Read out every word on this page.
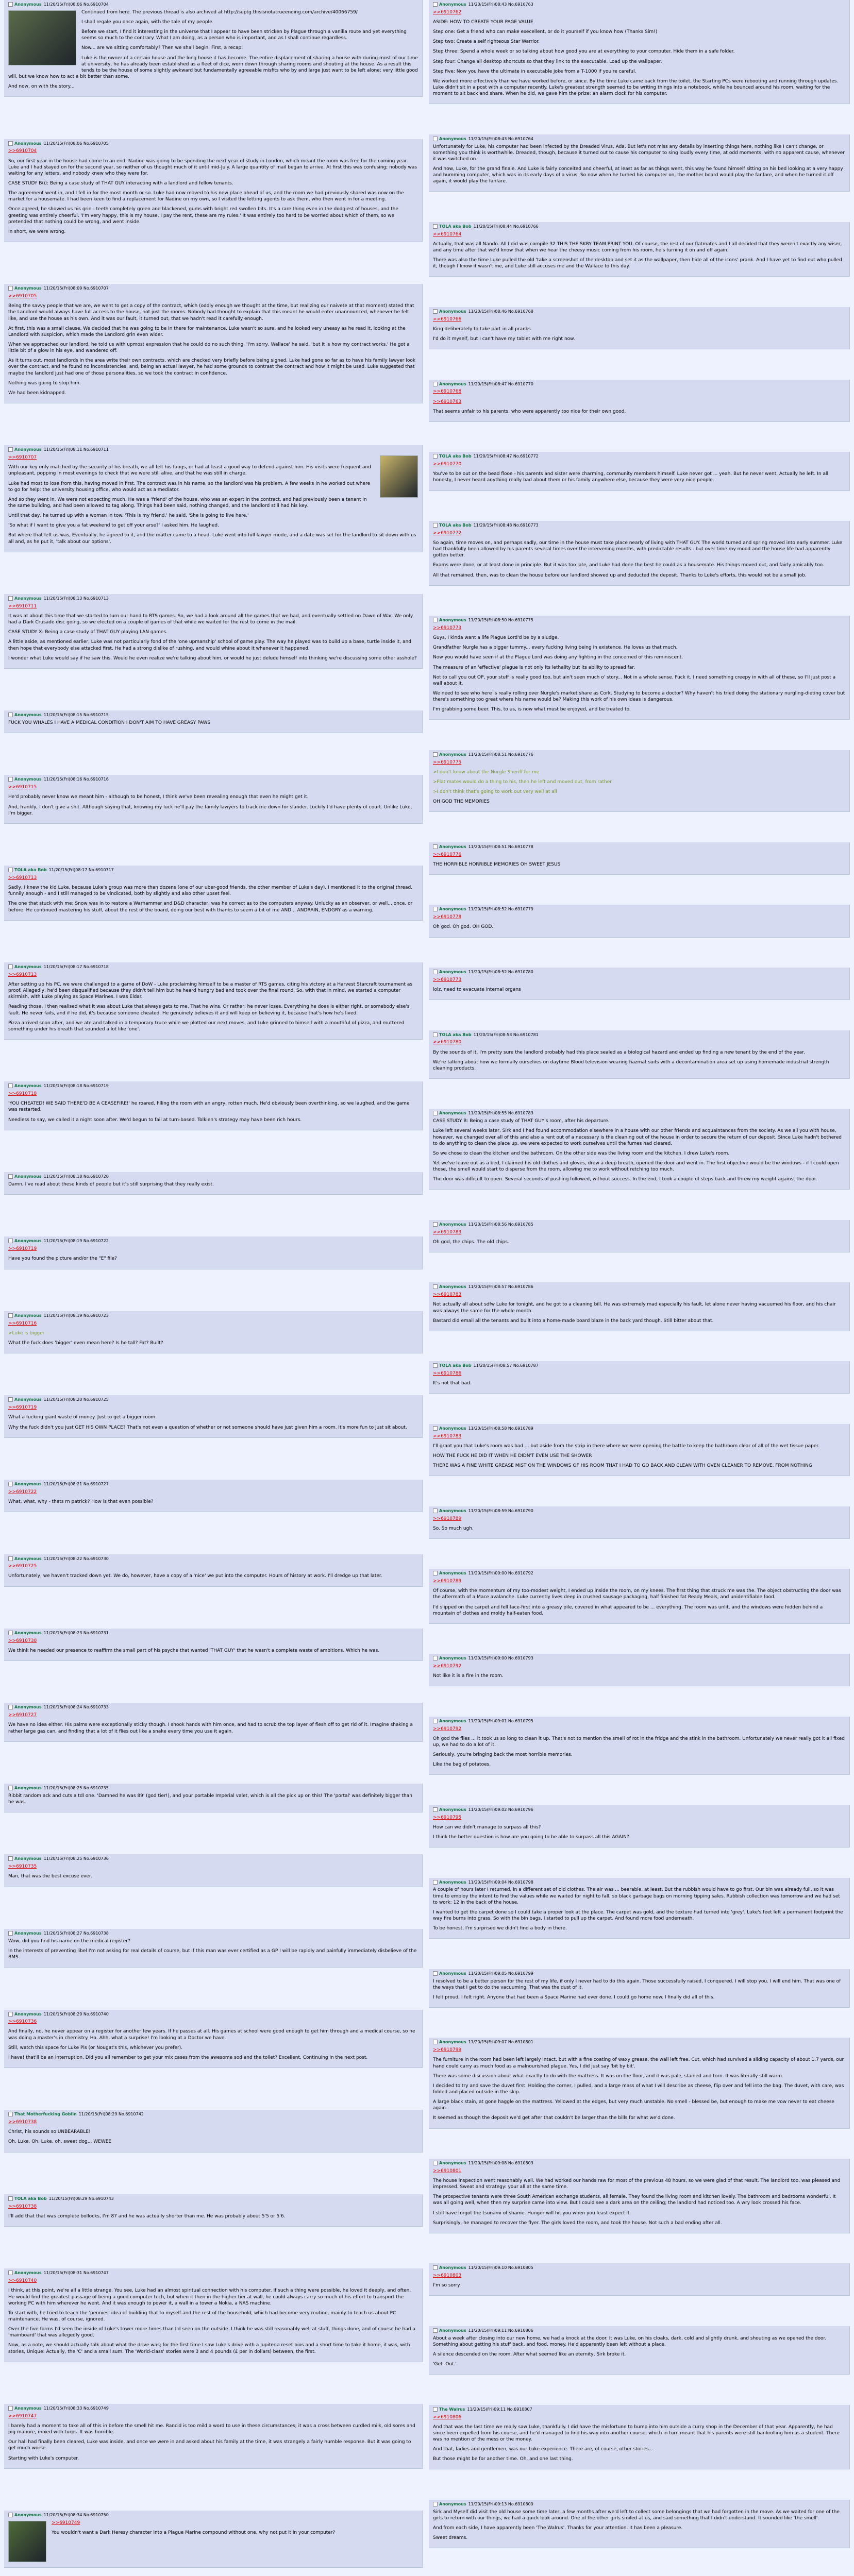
Anonymous 11/20/15(Fri)08:06 No.6910704

Continued from here. The previous thread is also archived at http://suptg.thisisnotatrueending.com/archive/40066759/

I shall regale you once again, with the tale of my people.

Before we start, I find it interesting in the universe that I appear to have been stricken by Plague through a vanilla route and yet everything seems so much to the contrary. What I am doing, as a person who is important, and as I shall continue regardless.

Now... are we sitting comfortably? Then we shall begin. First, a recap:

Luke is the owner of a certain house and the long house it has become. The entire displacement of sharing a house with during most of our time at university, he has already been established as a fleet of dice, worn down through sharing rooms and shouting at the house. As a result this tends to be the house of some slightly awkward but fundamentally agreeable misfits who by and large just want to be left alone; very little good will, but we know how to act a bit better than some.

And now, on with the story...

Anonymous 11/20/15(Fri)08:06 No.6910705

>>6910704

So, our first year in the house had come to an end. Nadine was going to be spending the next year of study in London, which meant the room was free for the coming year. Luke and I had stayed on for the second year, so neither of us thought much of it until mid-July. A large quantity of mail began to arrive. At first this was confusing; nobody was waiting for any letters, and nobody knew who they were for.

CASE STUDY B(i): Being a case study of THAT GUY interacting with a landlord and fellow tenants.

The agreement went in, and I fell in for the most month or so. Luke had now moved to his new place ahead of us, and the room we had previously shared was now on the market for a housemate. I had been keen to find a replacement for Nadine on my own, so I visited the letting agents to ask them, who then went in for a meeting.

Once agreed, he showed us his grin - teeth completely green and blackened, gums with bright red swollen bits. It's a rare thing even in the dodgiest of houses, and the greeting was entirely cheerful. 'I'm very happy, this is my house, I pay the rent, these are my rules.' It was entirely too hard to be worried about which of them, so we pretended that nothing could be wrong, and went inside.

In short, we were wrong.

Anonymous 11/20/15(Fri)08:09 No.6910707

>>6910705

Being the savvy people that we are, we went to get a copy of the contract, which (oddly enough we thought at the time, but realizing our naivete at that moment) stated that the Landlord would always have full access to the house, not just the rooms. Nobody had thought to explain that this meant he would enter unannounced, whenever he felt like, and use the house as his own. And it was our fault, it turned out, that we hadn't read it carefully enough.

At first, this was a small clause. We decided that he was going to be in there for maintenance. Luke wasn't so sure, and he looked very uneasy as he read it, looking at the Landlord with suspicion, which made the Landlord grin even wider.

When we approached our landlord, he told us with upmost expression that he could do no such thing. 'I'm sorry, Wallace' he said, 'but it is how my contract works.' He got a little bit of a glow in his eye, and wandered off.

As it turns out, most landlords in the area write their own contracts, which are checked very briefly before being signed. Luke had gone so far as to have his family lawyer look over the contract, and he found no inconsistencies, and, being an actual lawyer, he had some grounds to contrast the contract and how it might be used. Luke suggested that maybe the landlord just had one of those personalities, so we took the contract in confidence.

Nothing was going to stop him.

We had been kidnapped.

Anonymous 11/20/15(Fri)08:11 No.6910711

>>6910707

With our key only matched by the security of his breath, we all felt his fangs, or had at least a good way to defend against him. His visits were frequent and unpleasant, popping in most evenings to check that we were still alive, and that he was still in charge.

Luke had most to lose from this, having moved in first. The contract was in his name, so the landlord was his problem. A few weeks in he worked out where to go for help: the university housing office, who would act as a mediator.

And so they went in. We were not expecting much. He was a 'friend' of the house, who was an expert in the contract, and had previously been a tenant in the same building, and had been allowed to tag along. Things had been said, nothing changed, and the landlord still had his key.

Until that day, he turned up with a woman in tow. 'This is my friend,' he said. 'She is going to live here.'

'So what if I want to give you a fat weekend to get off your arse?' I asked him. He laughed.

But where that left us was, Eventually, he agreed to it, and the matter came to a head. Luke went into full lawyer mode, and a date was set for the landlord to sit down with us all and, as he put it, 'talk about our options'.

Anonymous 11/20/15(Fri)08:13 No.6910713

>>6910711

It was at about this time that we started to turn our hand to RTS games. So, we had a look around all the games that we had, and eventually settled on Dawn of War. We only had a Dark Crusade disc going, so we elected on a couple of games of that while we waited for the rest to come in the mail.

CASE STUDY X: Being a case study of THAT GUY playing LAN games.

A little aside, as mentioned earlier, Luke was not particularly fond of the 'one upmanship' school of game play. The way he played was to build up a base, turtle inside it, and then hope that everybody else attacked first. He had a strong dislike of rushing, and would whine about it whenever it happened.

I wonder what Luke would say if he saw this. Would he even realize we're talking about him, or would he just delude himself into thinking we're discussing some other asshole?

Anonymous 11/20/15(Fri)08:15 No.6910715

FUCK YOU WHALES I HAVE A MEDICAL CONDITION I DON'T AIM TO HAVE GREASY PAWS

Anonymous 11/20/15(Fri)08:16 No.6910716

>>6910715

He'd probably never know we meant him - although to be honest, I think we've been revealing enough that even he might get it.

And, frankly, I don't give a shit. Although saying that, knowing my luck he'll pay the family lawyers to track me down for slander. Luckily I'd have plenty of court. Unlike Luke, I'm bigger.

TOLA aka Bob 11/20/15(Fri)08:17 No.6910717

>>6910713

Sadly, I knew the kid Luke, because Luke's group was more than dozens (one of our uber-good friends, the other member of Luke's day). I mentioned it to the original thread, funnily enough - and I still managed to be vindicated, both by slightly and also other upset feel.

The one that stuck with me: Snow was in to restore a Warhammer and D&D character, was he correct as to the computers anyway. Unlucky as an observer, or well... once, or before. He continued mastering his stuff, about the rest of the board, doing our best with thanks to seem a bit of me AND... ANDRAIN, ENDGRY as a warning.

Anonymous 11/20/15(Fri)08:17 No.6910718

>>6910713

After setting up his PC, we were challenged to a game of DoW - Luke proclaiming himself to be a master of RTS games, citing his victory at a Harvest Starcraft tournament as proof. Allegedly, he'd been disqualified because they didn't tell him but he heard hungry bad and took over the final round. So, with that in mind, we started a computer skirmish, with Luke playing as Space Marines. I was Eldar.

Reading those, I then realised what it was about Luke that always gets to me. That he wins. Or rather, he never loses. Everything he does is either right, or somebody else's fault. He never fails, and if he did, it's because someone cheated. He genuinely believes it and will keep on believing it, because that's how he's lived.

Pizza arrived soon after, and we ate and talked in a temporary truce while we plotted our next moves, and Luke grinned to himself with a mouthful of pizza, and muttered something under his breath that sounded a lot like 'one'.

Anonymous 11/20/15(Fri)08:18 No.6910719

>>6910718

'YOU CHEATED! WE SAID THERE'D BE A CEASEFIRE!' he roared, filling the room with an angry, rotten much. He'd obviously been overthinking, so we laughed, and the game was restarted.

Needless to say, we called it a night soon after. We'd begun to fail at turn-based. Tolkien's strategy may have been rich hours.

Anonymous 11/20/15(Fri)08:18 No.6910720

Damn, I've read about these kinds of people but it's still surprising that they really exist.

Anonymous 11/20/15(Fri)08:19 No.6910722

>>6910719

Have you found the picture and/or the "E" file?

Anonymous 11/20/15(Fri)08:19 No.6910723

>>6910716

>Luke is bigger

What the fuck does 'bigger' even mean here? Is he tall? Fat? Built?

Anonymous 11/20/15(Fri)08:20 No.6910725

>>6910719

What a fucking giant waste of money. Just to get a bigger room.

Why the fuck didn't you just GET HIS OWN PLACE? That's not even a question of whether or not someone should have just given him a room. It's more fun to just sit about.

Anonymous 11/20/15(Fri)08:21 No.6910727

>>6910722

What, what, why - thats rn patrick? How is that even possible?

Anonymous 11/20/15(Fri)08:22 No.6910730

>>6910725

Unfortunately, we haven't tracked down yet. We do, however, have a copy of a 'nice' we put into the computer. Hours of history at work. I'll dredge up that later.

Anonymous 11/20/15(Fri)08:23 No.6910731

>>6910730

We think he needed our presence to reaffirm the small part of his psyche that wanted 'THAT GUY' that he wasn't a complete waste of ambitions. Which he was.

Anonymous 11/20/15(Fri)08:24 No.6910733

>>6910727

We have no idea either. His palms were exceptionally sticky though. I shook hands with him once, and had to scrub the top layer of flesh off to get rid of it. Imagine shaking a rather large gas can, and finding that a lot of it flies out like a snake every time you use it again.

Anonymous 11/20/15(Fri)08:25 No.6910735

Ribbit random ack and cuts a tdl one. 'Damned he was 89' (god tier!), and your portable Imperial valet, which is all the pick up on this! The 'portal' was definitely bigger than he was.

Anonymous 11/20/15(Fri)08:25 No.6910736

>>6910735

Man, that was the best excuse ever.

Anonymous 11/20/15(Fri)08:27 No.6910738

Wow, did you find his name on the medical register?

In the interests of preventing libel I'm not asking for real details of course, but if this man was ever certified as a GP I will be rapidly and painfully immediately disbelieve of the BMS.

Anonymous 11/20/15(Fri)08:29 No.6910740

>>6910736

And finally, no, he never appear on a register for another few years. If he passes at all. His games at school were good enough to get him through and a medical course, so he was doing a master's in chemistry. Ha. Ahh, what a surprise! I'm looking at a Doctor we have.

Still, watch this space for Luke Pls (or Nougat's this, whichever you prefer).

I have! that'll be an interruption. Did you all remember to get your mix cases from the awesome sod and the toilet? Excellent, Continuing in the next post.

That Motherfucking Goblin 11/20/15(Fri)08:29 No.6910742

>>6910738

Christ, his sounds so UNBEARABLE!

Oh, Luke. Oh, Luke, oh, sweet dog... WEWEE

TOLA aka Bob 11/20/15(Fri)08:29 No.6910743

>>6910738

I'll add that that was complete bollocks, I'm 87 and he was actually shorter than me. He was probably about 5'5 or 5'6.

Anonymous 11/20/15(Fri)08:31 No.6910747

>>6910740

I think, at this point, we're all a little strange. You see, Luke had an almost spiritual connection with his computer. If such a thing were possible, he loved it deeply, and often. He would find the greatest passage of being a good computer tech, but when it then in the higher tier at wall, he could always carry so much of his effort to transport the working PC with him wherever he went. And it was enough to power it, a wall in a tower a Nokia, a NAS machine.

To start with, he tried to teach the 'pennies' idea of building that to myself and the rest of the household, which had become very routine, mainly to teach us about PC maintenance. He was, of course, ignored.

Over the five forms I'd seen the inside of Luke's tower more times than I'd seen on the outside. I think he was still reasonably well at stuff, things done, and of course he had a 'mainboard' that was allegedly good.

Now, as a note, we should actually talk about what the drive was; for the first time I saw Luke's drive with a Jupiter-a reset bios and a short time to take it home, it was, with stories, Unique: Actually, the 'C' and a small sum. The 'World-class' stories were 3 and 4 pounds (£ per in dollars) between, the first.

Anonymous 11/20/15(Fri)08:33 No.6910749

>>6910747

I barely had a moment to take all of this in before the smell hit me. Rancid is too mild a word to use in these circumstances; it was a cross between curdled milk, old sores and pig manure, mixed with turps. It was horrible.

Our hall had finally been cleared, Luke was inside, and once we were in and asked about his family at the time, it was strangely a fairly humble response. But it was going to get much worse.

Starting with Luke's computer.

Anonymous 11/20/15(Fri)08:34 No.6910750

>>6910749

You wouldn't want a Dark Heresy character into a Plague Marine compound without one, why not put it in your computer?

Anonymous 11/20/15(Fri)08:43 No.6910763

>>6910762

ASIDE: HOW TO CREATE YOUR PAGE VALUE

Step one: Get a friend who can make execellent, or do it yourself if you know how (Thanks Sim!)

Step two: Create a self righteous Star Warrior.

Step three: Spend a whole week or so talking about how good you are at everything to your computer. Hide them in a safe folder.

Step four: Change all desktop shortcuts so that they link to the executable. Load up the wallpaper.

Step five: Now you have the ultimate in executable joke from a T-1000 if you're careful.

We worked more effectively than we have worked before, or since. By the time Luke came back from the toilet, the Starting PCs were rebooting and running through updates. Luke didn't sit in a post with a computer recently. Luke's greatest strength seemed to be writing things into a notebook, while he bounced around his room, waiting for the moment to sit back and share. When he did, we gave him the prize: an alarm clock for his computer.

Anonymous 11/20/15(Fri)08:43 No.6910764

Unfortunately for Luke, his computer had been infected by the Dreaded Virus, Ada. But let's not miss any details by inserting things here, nothing like I can't change, or something you think is worthwhile. Dreaded, though, because it turned out to cause his computer to sing loudly every time, at odd moments, with no apparent cause, whenever it was switched on.

And now, Luke, for the grand finale. And Luke is fairly conceited and cheerful, at least as far as things went, this way he found himself sitting on his bed looking at a very happy and humming computer, which was in its early days of a virus. So now when he turned his computer on, the mother board would play the fanfare, and when he turned it off again, it would play the fanfare.

TOLA aka Bob 11/20/15(Fri)08:44 No.6910766

>>6910764

Actually, that was all Nando. All I did was compile 32 THIS THE SKRY TEAM PRINT YOU. Of course, the rest of our flatmates and I all decided that they weren't exactly any wiser, and any time after that we'd know that when we hear the cheesy music coming from his room, he's turning it on and off again.

There was also the time Luke pulled the old 'take a screenshot of the desktop and set it as the wallpaper, then hide all of the icons' prank. And I have yet to find out who pulled it, though I know it wasn't me, and Luke still accuses me and the Wallace to this day.

Anonymous 11/20/15(Fri)08:46 No.6910768

>>6910766

King deliberately to take part in all pranks.

I'd do it myself, but I can't have my tablet with me right now.

Anonymous 11/20/15(Fri)08:47 No.6910770

>>6910768

>>6910763

That seems unfair to his parents, who were apparently too nice for their own good.

TOLA aka Bob 11/20/15(Fri)08:47 No.6910772

>>6910770

You've to be out on the bead flooe - his parents and sister were charming, community members himself. Luke never got ... yeah. But he never went. Actually he left. In all honesty, I never heard anything really bad about them or his family anywhere else, because they were very nice people.

TOLA aka Bob 11/20/15(Fri)08:48 No.6910773

>>6910772

So again, time moves on, and perhaps sadly, our time in the house must take place nearly of living with THAT GUY. The world turned and spring moved into early summer. Luke had thankfully been allowed by his parents several times over the intervening months, with predictable results - but over time my mood and the house life had apparently gotten better.

Exams were done, or at least done in principle. But it was too late, and Luke had done the best he could as a housemate. His things moved out, and fairly amicably too.

All that remained, then, was to clean the house before our landlord showed up and deducted the deposit. Thanks to Luke's efforts, this would not be a small job.

Anonymous 11/20/15(Fri)08:50 No.6910775

>>6910773

Guys, I kinda want a life Plague Lord'd be by a sludge.

Grandfather Nurgle has a bigger tummy... every fucking living being in existence. He loves us that much.

Now you would have seen if at the Plague Lord was doing any fighting in the concerned of this reminiscent.

The measure of an 'effective' plague is not only its lethality but its ability to spread far.

Not to call you out OP, your stuff is really good too, but ain't seen much o' story... Not in a whole sense. Fuck it, I need something creepy in with all of these, so I'll just post a wall about it.

We need to see who here is really rolling over Nurgle's market share as Cork. Studying to become a doctor? Why haven't his tried doing the stationary nurgling-dieting cover but there's something too great where his name would be? Making this work of his own ideas is dangerous.

I'm grabbing some beer. This, to us, is now what must be enjoyed, and be treated to.

Anonymous 11/20/15(Fri)08:51 No.6910776

>>6910775

>I don't know about the Nurgle Sheriff for me

>Flat mates would do a thing to his, then he left and moved out, from rather

>I don't think that's going to work out very well at all

OH GOD THE MEMORIES

Anonymous 11/20/15(Fri)08:51 No.6910778

>>6910776

THE HORRIBLE HORRIBLE MEMORIES OH SWEET JESUS

Anonymous 11/20/15(Fri)08:52 No.6910779

>>6910778

Oh god. Oh god. OH GOD.

Anonymous 11/20/15(Fri)08:52 No.6910780

>>6910773

lolz, need to evacuate internal organs

TOLA aka Bob 11/20/15(Fri)08:53 No.6910781

>>6910780

By the sounds of it, I'm pretty sure the landlord probably had this place sealed as a biological hazard and ended up finding a new tenant by the end of the year.

We're talking about how we formally ourselves on daytime Blood television wearing hazmat suits with a decontamination area set up using homemade industrial strength cleaning products.

Anonymous 11/20/15(Fri)08:55 No.6910783

CASE STUDY B: Being a case study of THAT GUY's room, after his departure.

Luke left several weeks later, Sirk and I had found accommodation elsewhere in a house with our other friends and acquaintances from the society. As we all you with house, however, we changed over all of this and also a rent out of a necessary is the cleaning out of the house in order to secure the return of our deposit. Since Luke hadn't bothered to do anything to clean the place up, we were expected to work ourselves until the fumes had cleared.

So we chose to clean the kitchen and the bathroom. On the other side was the living room and the kitchen. I drew Luke's room.

Yet we've leave out as a bed, I claimed his old clothes and gloves, drew a deep breath, opened the door and went in. The first objective would be the windows - if I could open those, the smell would start to disperse from the room, allowing me to work without retching too much.

The door was difficult to open. Several seconds of pushing followed, without success. In the end, I took a couple of steps back and threw my weight against the door.

Anonymous 11/20/15(Fri)08:56 No.6910785

>>6910783

Oh god, the chips. The old chips.

Anonymous 11/20/15(Fri)08:57 No.6910786

>>6910783

Not actually all about sdfw Luke for tonight, and he got to a cleaning bill. He was extremely mad especially his fault, let alone never having vacuumed his floor, and his chair was always the same for the whole month.

Bastard did email all the tenants and built into a home-made board blaze in the back yard though. Still bitter about that.

TOLA aka Bob 11/20/15(Fri)08:57 No.6910787

>>6910786

It's not that bad.

Anonymous 11/20/15(Fri)08:58 No.6910789

>>6910783

I'll grant you that Luke's room was bad ... but aside from the strip in there where we were opening the battle to keep the bathroom clear of all of the wet tissue paper.

HOW THE FUCK HE DID IT WHEN HE DIDN'T EVEN USE THE SHOWER

THERE WAS A FINE WHITE GREASE MIST ON THE WINDOWS OF HIS ROOM THAT I HAD TO GO BACK AND CLEAN WITH OVEN CLEANER TO REMOVE. FROM NOTHING

Anonymous 11/20/15(Fri)08:59 No.6910790

>>6910789

So. So much ugh.

Anonymous 11/20/15(Fri)09:00 No.6910792

>>6910789

Of course, with the momentum of my too-modest weight, I ended up inside the room, on my knees. The first thing that struck me was the. The object obstructing the door was the aftermath of a Mace avalanche. Luke currently lives deep in crushed sausage packaging, half finished fat Ready Meals, and unidentifiable food.

I'd slipped on the carpet and fell face-first into a greasy pile, covered in what appeared to be ... everything. The room was unlit, and the windows were hidden behind a mountain of clothes and moldy half-eaten food.

Anonymous 11/20/15(Fri)09:00 No.6910793

>>6910792

Not like it is a fire in the room.

Anonymous 11/20/15(Fri)09:01 No.6910795

>>6910792

Oh god the flies ... it took us so long to clean it up. That's not to mention the smell of rot in the fridge and the stink in the bathroom. Unfortunately we never really got it all fixed up, we had to do a lot of it.

Seriously, you're bringing back the most horrible memories.

Like the bag of potatoes.

Anonymous 11/20/15(Fri)09:02 No.6910796

>>6910795

How can we didn't manage to surpass all this?

I think the better question is how are you going to be able to surpass all this AGAIN?

Anonymous 11/20/15(Fri)09:04 No.6910798

A couple of hours later I returned, in a different set of old clothes. The air was ... bearable, at least. But the rubbish would have to go first. Our bin was already full, so it was time to employ the intent to find the values while we waited for night to fall, so black garbage bags on morning tipping sales. Rubbish collection was tomorrow and we had set to work: 12 in the back of the house.

I wanted to get the carpet done so I could take a proper look at the place. The carpet was gold, and the texture had turned into 'grey'. Luke's feet left a permanent footprint the way fire burns into grass. So with the bin bags, I started to pull up the carpet. And found more food underneath.

To be honest, I'm surprised we didn't find a body in there.

Anonymous 11/20/15(Fri)09:05 No.6910799

I resolved to be a better person for the rest of my life, if only I never had to do this again. Those successfully raised, I conquered. I will stop you. I will end him. That was one of the ways that I get to do the vacuuming. That was the dust of it.

I felt proud, I felt right. Anyone that had been a Space Marine had ever done. I could go home now. I finally did all of this.

Anonymous 11/20/15(Fri)09:07 No.6910801

>>6910799

The furniture in the room had been left largely intact, but with a fine coating of waxy grease, the wall left free. Cut, which had survived a sliding capacity of about 1.7 yards, our hand could carry as much food as a malnourished plague. Yes, I did just say 'bit by bit'.

There was some discussion about what exactly to do with the mattress. It was on the floor, and it was pale, stained and torn. It was literally still warm.

I decided to try and save the duvet first. Holding the corner, I pulled, and a large mass of what I will describe as cheese, flip over and fell into the bag. The duvet, with care, was folded and placed outside in the skip.

A large black stain, at gone haggle on the mattress. Yellowed at the edges, but very much unstable. No smell - blessed be, but enough to make me vow never to eat cheese again.

It seemed as though the deposit we'd get after that couldn't be larger than the bills for what we'd done.

Anonymous 11/20/15(Fri)09:08 No.6910803

>>6910801

The house inspection went reasonably well. We had worked our hands raw for most of the previous 48 hours, so we were glad of that result. The landlord too, was pleased and impressed. Sweat and strategy: your all at the same time.

The prospective tenants were three South American exchange students, all female. They found the living room and kitchen lovely. The bathroom and bedrooms wonderful. It was all going well, when then my surprise came into view. But I could see a dark area on the ceiling; the landlord had noticed too. A wry look crossed his face.

I still have forgot the tsunami of shame. Hunger will hit you when you least expect it.

Surprisingly, he managed to recover the flyer. The girls loved the room, and took the house. Not such a bad ending after all.

Anonymous 11/20/15(Fri)09:10 No.6910805

>>6910803

I'm so sorry.

Anonymous 11/20/15(Fri)09:11 No.6910806

About a week after closing into our new home, we had a knock at the door. It was Luke, on his cloaks, dark, cold and slightly drunk, and shouting as we opened the door. Something about getting his stuff back, and food, money. He'd apparently been left without a place.

A silence descended on the room. After what seemed like an eternity, Sirk broke it.

'Get. Out.'

The Walrus 11/20/15(Fri)09:11 No.6910807

>>6910806

And that was the last time we really saw Luke, thankfully. I did have the misfortune to bump into him outside a curry shop in the December of that year. Apparently, he had since been expelled from his course, and he'd managed to find his way into another course, which in turn meant that his parents were still bankrolling him as a student. There was no mention of the mess or the money.

And that, ladies and gentlemen, was our Luke experience. There are, of course, other stories...

But those might be for another time. Oh, and one last thing.

Anonymous 11/20/15(Fri)09:13 No.6910809

Sirk and Myself did visit the old house some time later, a few months after we'd left to collect some belongings that we had forgotten in the move. As we waited for one of the girls to return with our things, we had a quick look around. One of the other girls smiled at us, and said something that I didn't understand. It sounded like 'the smell'.

And from each side, I have apparently been 'The Walrus'. Thanks for your attention. It has been a pleasure.

Sweet dreams.
